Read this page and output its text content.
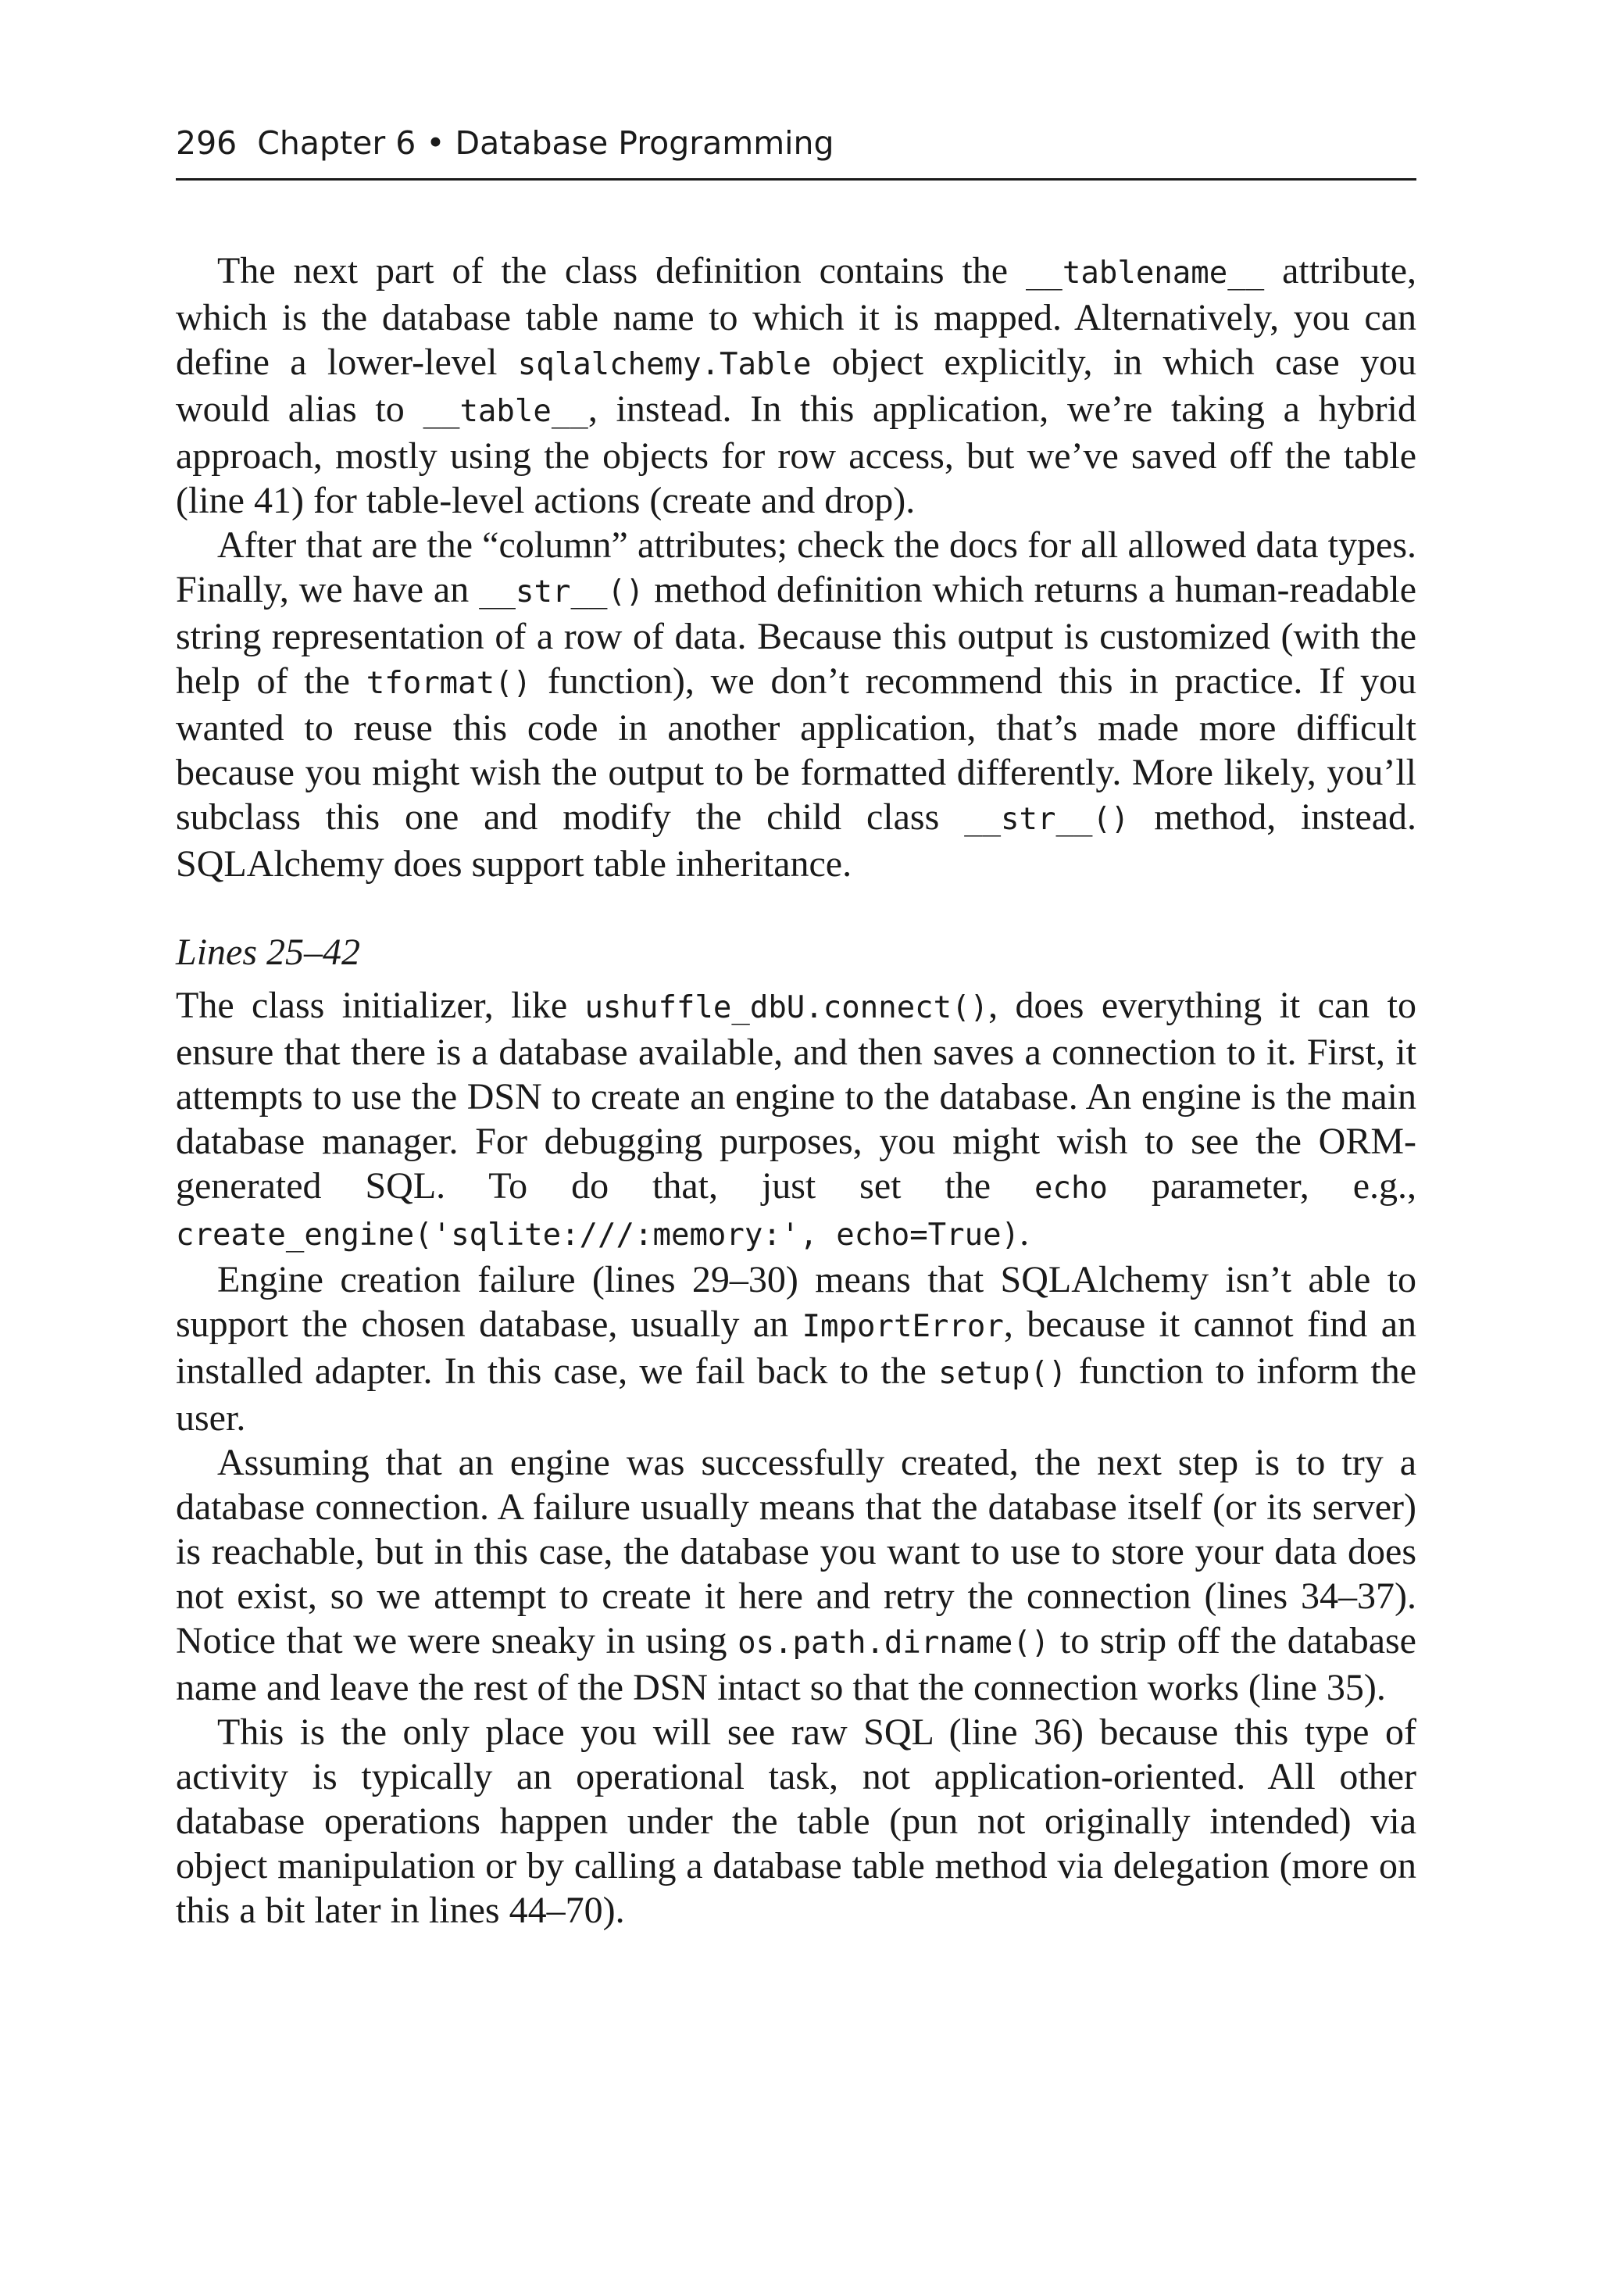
296 Chapter 6 • Database Programming

The next part of the class definition contains the __tablename__ attribute, which is the database table name to which it is mapped. Alternatively, you can define a lower-level sqlalchemy.Table object explicitly, in which case you would alias to __table__, instead. In this application, we’re taking a hybrid approach, mostly using the objects for row access, but we’ve saved off the table (line 41) for table-level actions (create and drop).

After that are the “column” attributes; check the docs for all allowed data types. Finally, we have an __str__() method definition which returns a human-readable string representation of a row of data. Because this output is customized (with the help of the tformat() function), we don’t recommend this in practice. If you wanted to reuse this code in another application, that’s made more difficult because you might wish the output to be formatted differently. More likely, you’ll subclass this one and modify the child class __str__() method, instead. SQLAlchemy does support table inheritance.

Lines 25–42

The class initializer, like ushuffle_dbU.connect(), does everything it can to ensure that there is a database available, and then saves a connection to it. First, it attempts to use the DSN to create an engine to the database. An engine is the main database manager. For debugging purposes, you might wish to see the ORM-generated SQL. To do that, just set the echo parameter, e.g., create_engine('sqlite:///:memory:', echo=True).

Engine creation failure (lines 29–30) means that SQLAlchemy isn’t able to support the chosen database, usually an ImportError, because it cannot find an installed adapter. In this case, we fail back to the setup() function to inform the user.

Assuming that an engine was successfully created, the next step is to try a database connection. A failure usually means that the database itself (or its server) is reachable, but in this case, the database you want to use to store your data does not exist, so we attempt to create it here and retry the connection (lines 34–37). Notice that we were sneaky in using os.path.dirname() to strip off the database name and leave the rest of the DSN intact so that the connection works (line 35).

This is the only place you will see raw SQL (line 36) because this type of activity is typically an operational task, not application-oriented. All other database operations happen under the table (pun not originally intended) via object manipulation or by calling a database table method via delegation (more on this a bit later in lines 44–70).
